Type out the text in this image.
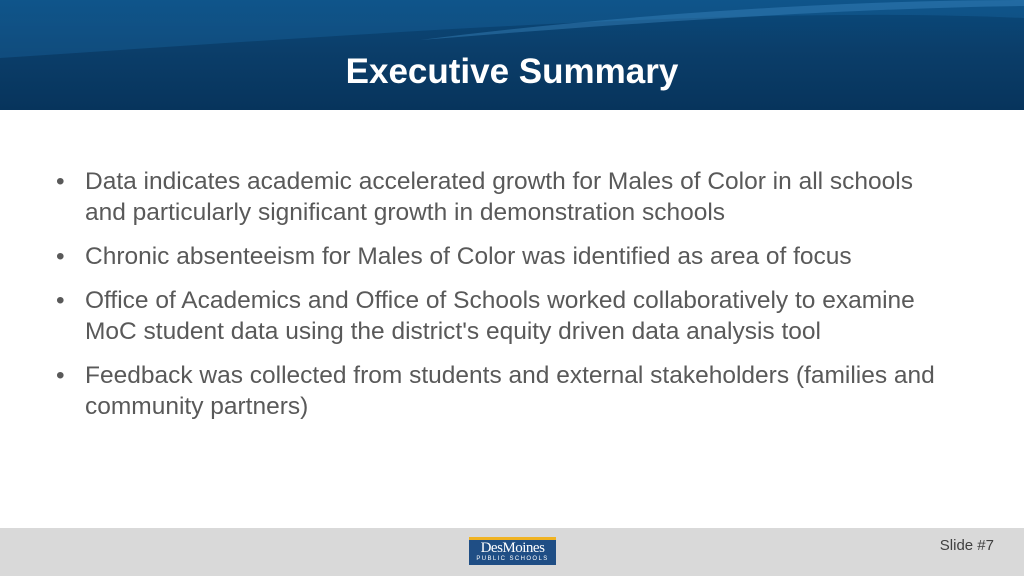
Executive Summary
• Data indicates academic accelerated growth for Males of Color in all schools and particularly significant growth in demonstration schools
• Chronic absenteeism for Males of Color was identified as area of focus
• Office of Academics and Office of Schools worked collaboratively to examine MoC student data using the district's equity driven data analysis tool
• Feedback was collected from students and external stakeholders (families and community partners)
DesMoines
PUBLIC SCHOOLS
Slide #7
